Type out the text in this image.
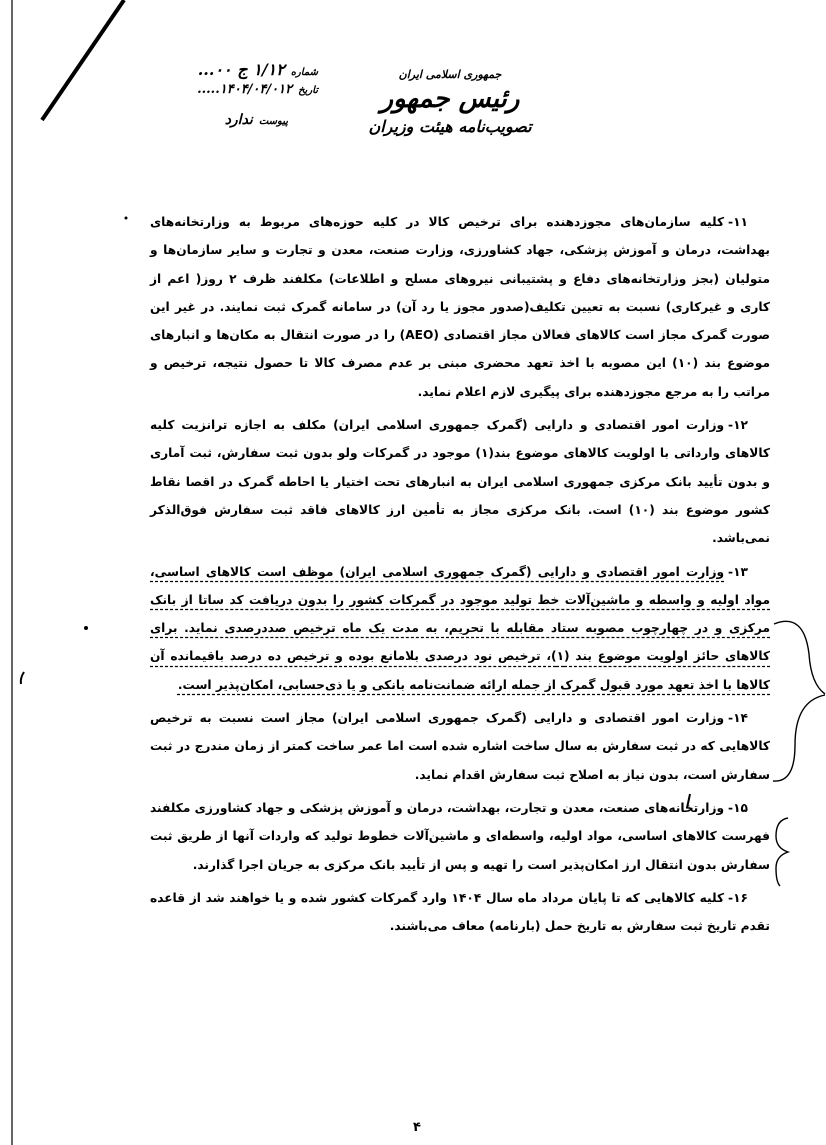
جمهوری اسلامی ایران
رئیس جمهور
تصویب‌نامه هیئت وزیران
شماره
۱/۱۲ ج ۰۰...
تاریخ
۱۴۰۴/۰۴/۰۱۲.....
پیوست
ندارد

۱۱-کلیه سازمان‌های مجوزدهنده برای ترخیص کالا در کلیه حوزه‌های مربوط به وزارتخانه‌های بهداشت، درمان و آموزش پزشکی، جهاد کشاورزی، وزارت صنعت، معدن و تجارت و سایر سازمان‌ها و متولیان (بجز وزارتخانه‌های دفاع و پشتیبانی نیروهای مسلح و اطلاعات) مکلفند ظرف ۲ روز( اعم از کاری و غیرکاری) نسبت به تعیین تکلیف(صدور مجوز یا رد آن) در سامانه گمرک ثبت نمایند. در غیر این صورت گمرک مجاز است کالاهای فعالان مجاز اقتصادی (AEO) را در صورت انتقال به مکان‌ها و انبارهای موضوع بند (۱۰) این مصوبه با اخذ تعهد محضری مبنی بر عدم مصرف کالا تا حصول نتیجه، ترخیص و مراتب را به مرجع مجوزدهنده برای پیگیری لازم اعلام نماید.

۱۲-وزارت امور اقتصادی و دارایی (گمرک جمهوری اسلامی ایران) مکلف به اجازه ترانزیت کلیه کالاهای وارداتی با اولویت کالاهای موضوع بند(۱) موجود در گمرکات ولو بدون ثبت سفارش، ثبت آماری و بدون تأیید بانک مرکزی جمهوری اسلامی ایران به انبارهای تحت اختیار یا احاطه گمرک در اقصا نقاط کشور موضوع بند (۱۰) است. بانک مرکزی مجاز به تأمین ارز کالاهای فاقد ثبت سفارش فوق‌الذکر نمی‌باشد.

۱۳-وزارت امور اقتصادی و دارایی (گمرک جمهوری اسلامی ایران) موظف است کالاهای اساسی، مواد اولیه و واسطه و ماشین‌آلات خط تولید موجود در گمرکات کشور را بدون دریافت کد ساتا از بانک مرکزی و در چهارچوب مصوبه ستاد مقابله با تحریم، به مدت یک ماه ترخیص صددرصدی نماید. برای کالاهای حائز اولویت موضوع بند (۱)، ترخیص نود درصدی بلامانع بوده و ترخیص ده درصد باقیمانده آن کالاها با اخذ تعهد مورد قبول گمرک از جمله ارائه ضمانت‌نامه بانکی و یا ذی‌حسابی، امکان‌پذیر است.

۱۴-وزارت امور اقتصادی و دارایی (گمرک جمهوری اسلامی ایران) مجاز است نسبت به ترخیص کالاهایی که در ثبت سفارش به سال ساخت اشاره شده است اما عمر ساخت کمتر از زمان مندرج در ثبت سفارش است، بدون نیاز به اصلاح ثبت سفارش اقدام نماید.

۱۵-وزارتخانه‌های صنعت، معدن و تجارت، بهداشت، درمان و آموزش پزشکی و جهاد کشاورزی مکلفند فهرست کالاهای اساسی، مواد اولیه، واسطه‌ای و ماشین‌آلات خطوط تولید که واردات آنها از طریق ثبت سفارش بدون انتقال ارز امکان‌پذیر است را تهیه و پس از تأیید بانک مرکزی به جریان اجرا گذارند.

۱۶-کلیه کالاهایی که تا پایان مرداد ماه سال ۱۴۰۴ وارد گمرکات کشور شده و یا خواهند شد از قاعده تقدم تاریخ ثبت سفارش به تاریخ حمل (بارنامه) معاف می‌باشند.

۴
